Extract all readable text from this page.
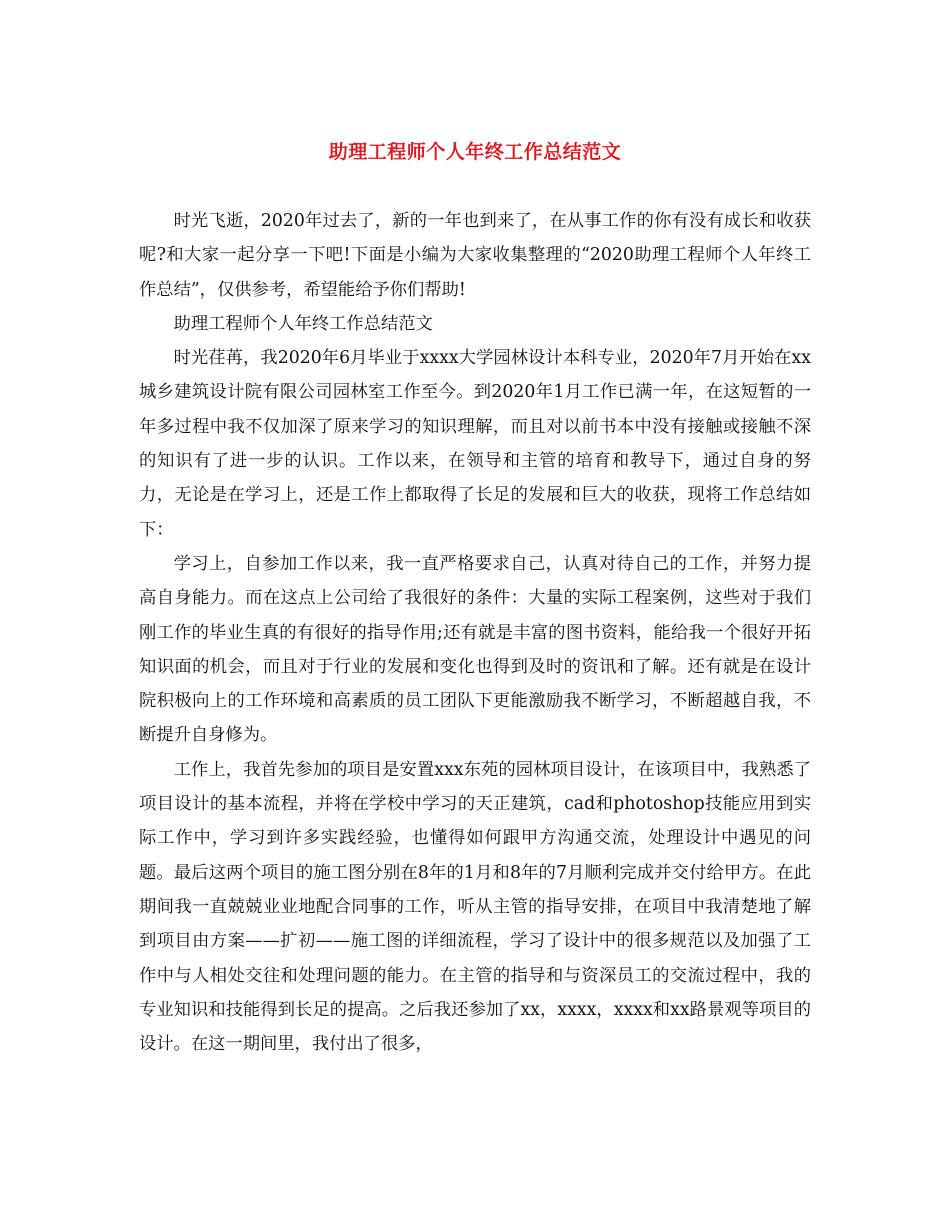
助理工程师个人年终工作总结范文

时光飞逝，2020年过去了，新的一年也到来了，在从事工作的你有没有成长和收获呢?和大家一起分享一下吧!下面是小编为大家收集整理的“2020助理工程师个人年终工作总结”，仅供参考，希望能给予你们帮助!

助理工程师个人年终工作总结范文

时光荏苒，我2020年6月毕业于xxxx大学园林设计本科专业，2020年7月开始在xx城乡建筑设计院有限公司园林室工作至今。到2020年1月工作已满一年，在这短暂的一年多过程中我不仅加深了原来学习的知识理解，而且对以前书本中没有接触或接触不深的知识有了进一步的认识。工作以来，在领导和主管的培育和教导下，通过自身的努力，无论是在学习上，还是工作上都取得了长足的发展和巨大的收获，现将工作总结如下：

学习上，自参加工作以来，我一直严格要求自己，认真对待自己的工作，并努力提高自身能力。而在这点上公司给了我很好的条件：大量的实际工程案例，这些对于我们刚工作的毕业生真的有很好的指导作用;还有就是丰富的图书资料，能给我一个很好开拓知识面的机会，而且对于行业的发展和变化也得到及时的资讯和了解。还有就是在设计院积极向上的工作环境和高素质的员工团队下更能激励我不断学习，不断超越自我，不断提升自身修为。

工作上，我首先参加的项目是安置xxx东苑的园林项目设计，在该项目中，我熟悉了项目设计的基本流程，并将在学校中学习的天正建筑，cad和photoshop技能应用到实际工作中，学习到许多实践经验，也懂得如何跟甲方沟通交流，处理设计中遇见的问题。最后这两个项目的施工图分别在8年的1月和8年的7月顺利完成并交付给甲方。在此期间我一直兢兢业业地配合同事的工作，听从主管的指导安排，在项目中我清楚地了解到项目由方案——扩初——施工图的详细流程，学习了设计中的很多规范以及加强了工作中与人相处交往和处理问题的能力。在主管的指导和与资深员工的交流过程中，我的专业知识和技能得到长足的提高。之后我还参加了xx，xxxx，xxxx和xx路景观等项目的设计。在这一期间里，我付出了很多，
